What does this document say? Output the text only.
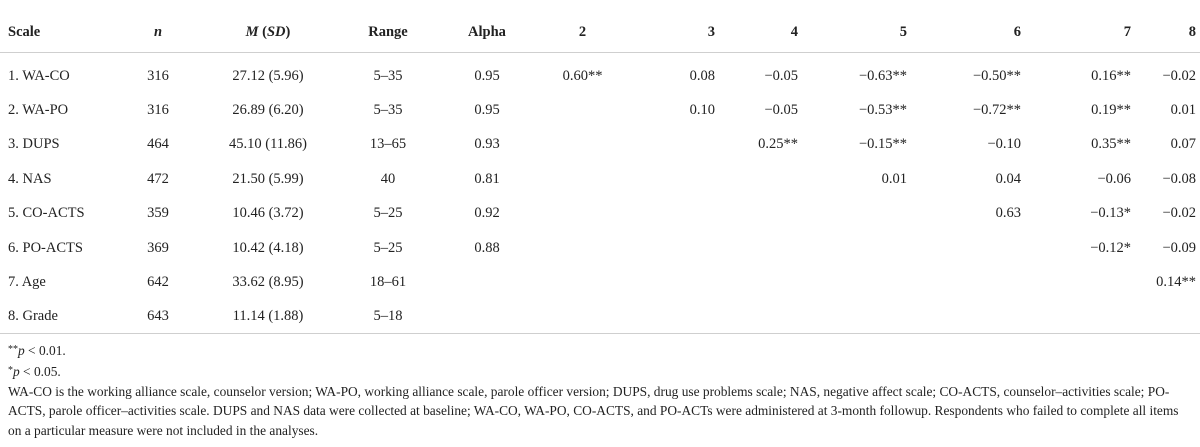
Scale	n	M (SD)	Range	Alpha	2	3	4	5	6	7	8
1. WA-CO	316	27.12 (5.96)	5–35	0.95	0.60**	0.08	−0.05	−0.63**	−0.50**	0.16**	−0.02
2. WA-PO	316	26.89 (6.20)	5–35	0.95		0.10	−0.05	−0.53**	−0.72**	0.19**	0.01
3. DUPS	464	45.10 (11.86)	13–65	0.93			0.25**	−0.15**	−0.10	0.35**	0.07
4. NAS	472	21.50 (5.99)	40	0.81				0.01	0.04	−0.06	−0.08
5. CO-ACTS	359	10.46 (3.72)	5–25	0.92					0.63	−0.13*	−0.02
6. PO-ACTS	369	10.42 (4.18)	5–25	0.88						−0.12*	−0.09
7. Age	642	33.62 (8.95)	18–61								0.14**
8. Grade	643	11.14 (1.88)	5–18								
**p < 0.01.
*p < 0.05.
WA-CO is the working alliance scale, counselor version; WA-PO, working alliance scale, parole officer version; DUPS, drug use problems scale; NAS, negative affect scale; CO-ACTS, counselor–activities scale; PO-ACTS, parole officer–activities scale. DUPS and NAS data were collected at baseline; WA-CO, WA-PO, CO-ACTS, and PO-ACTs were administered at 3-month followup. Respondents who failed to complete all items on a particular measure were not included in the analyses.
